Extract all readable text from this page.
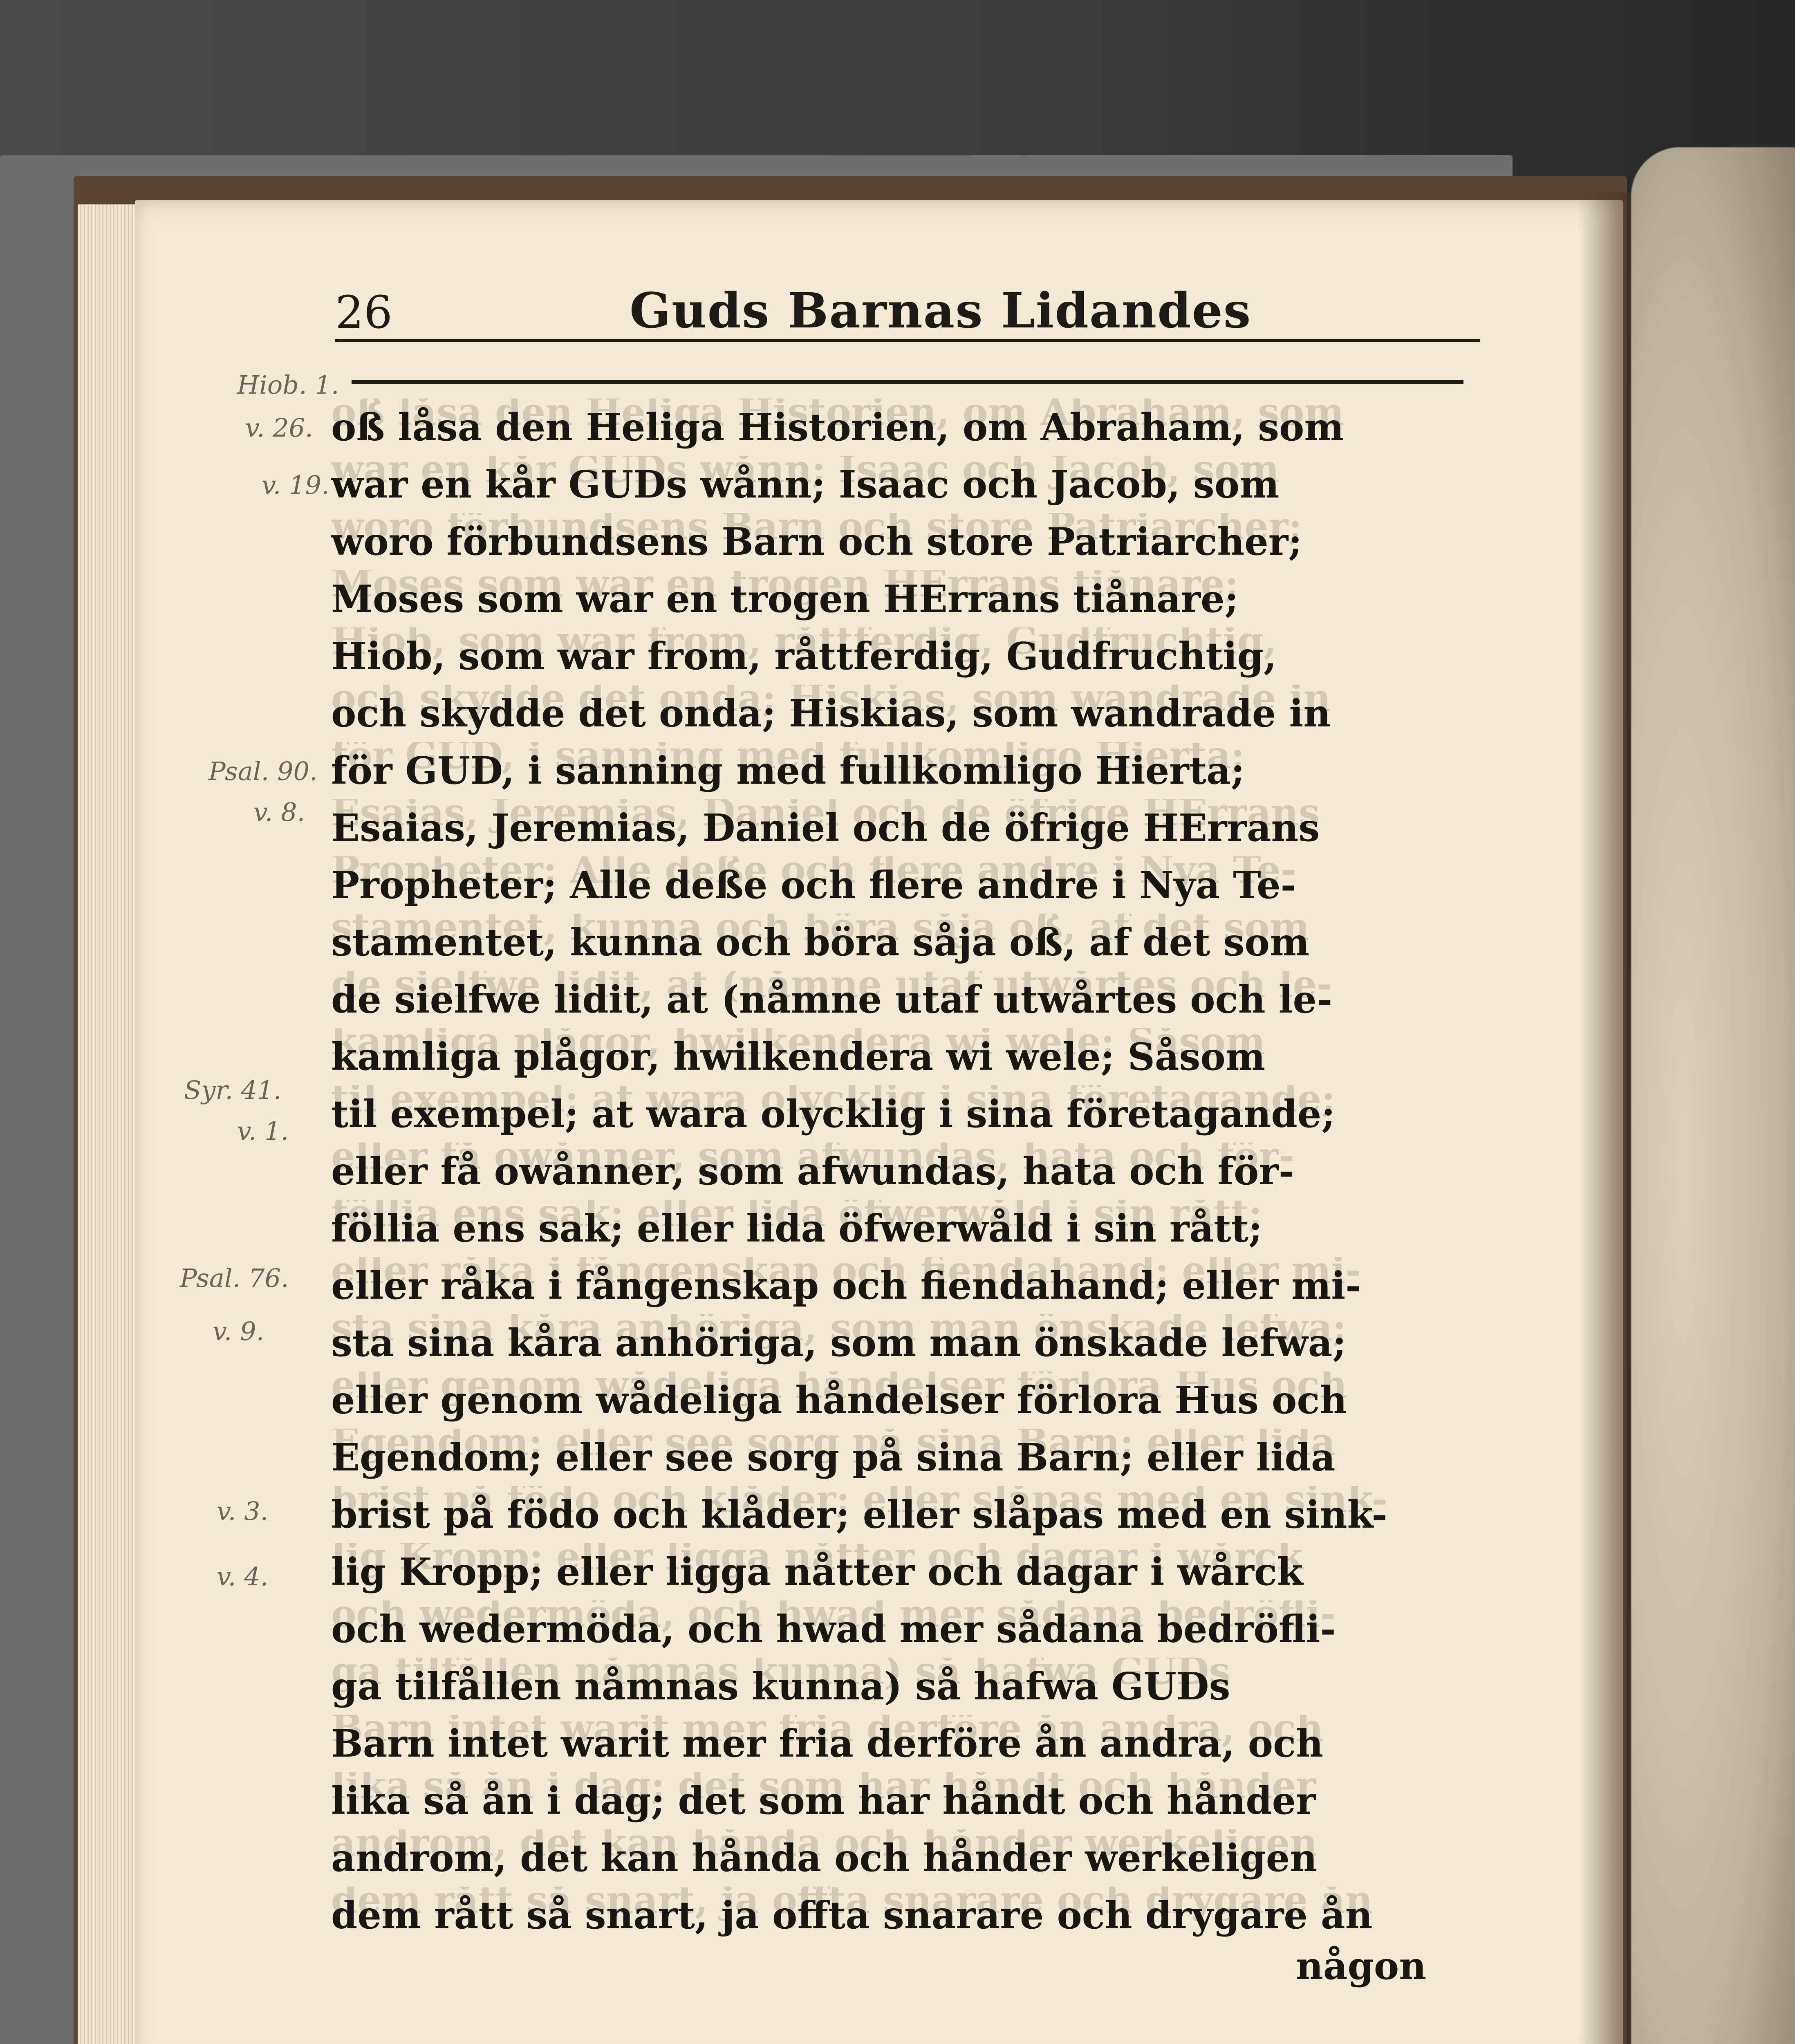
26	Guds Barnas Lidandes
Hiob. 1.
v. 26.
v. 19.
Psal. 90.
v. 8.
Syr. 41.
v. 1.
Psal. 76.
v. 9.
v. 3.
v. 4.
oß låsa den Heliga Historien, om Abraham, som
war en kår GUDs wånn; Isaac och Jacob, som
woro förbundsens Barn och store Patriarcher;
Moses som war en trogen HErrans tiånare;
Hiob, som war from, råttferdig, Gudfruchtig,
och skydde det onda; Hiskias, som wandrade in
för GUD, i sanning med fullkomligo Hierta;
Esaias, Jeremias, Daniel och de öfrige HErrans
Propheter; Alle deße och flere andre i Nya Te-
stamentet, kunna och böra såja oß, af det som
de sielfwe lidit, at (nåmne utaf utwårtes och le-
kamliga plågor, hwilkendera wi wele; Såsom
til exempel; at wara olycklig i sina företagande;
eller få owånner, som afwundas, hata och för-
föllia ens sak; eller lida öfwerwåld i sin rått;
eller råka i fångenskap och fiendahand; eller mi-
sta sina kåra anhöriga, som man önskade lefwa;
eller genom wådeliga håndelser förlora Hus och
Egendom; eller see sorg på sina Barn; eller lida
brist på födo och klåder; eller slåpas med en sink-
lig Kropp; eller ligga nåtter och dagar i wårck
och wedermöda, och hwad mer sådana bedröfli-
ga tilfållen nåmnas kunna) så hafwa GUDs
Barn intet warit mer fria derföre ån andra, och
lika så ån i dag; det som har håndt och hånder
androm, det kan hånda och hånder werkeligen
dem rått så snart, ja offta snarare och drygare ån
någon
